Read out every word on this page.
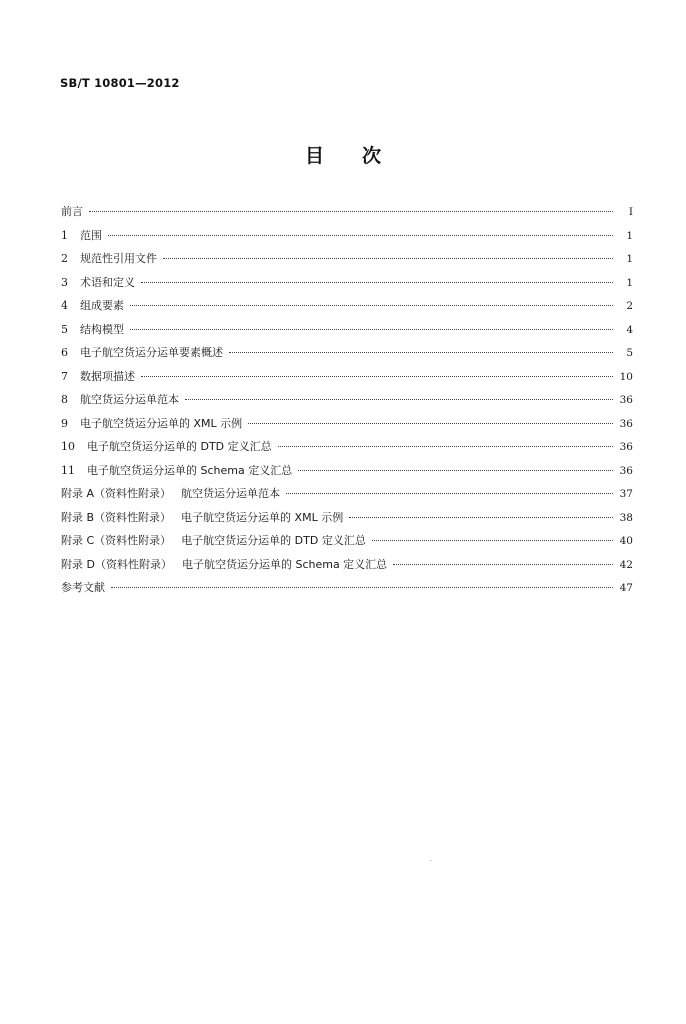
SB/T 10801—2012
目 次
前言	I
1	范围	1
2	规范性引用文件	1
3	术语和定义	1
4	组成要素	2
5	结构模型	4
6	电子航空货运分运单要素概述	5
7	数据项描述	10
8	航空货运分运单范本	36
9	电子航空货运分运单的 XML 示例	36
10	电子航空货运分运单的 DTD 定义汇总	36
11	电子航空货运分运单的 Schema 定义汇总	36
附录 A（资料性附录） 航空货运分运单范本	37
附录 B（资料性附录） 电子航空货运分运单的 XML 示例	38
附录 C（资料性附录） 电子航空货运分运单的 DTD 定义汇总	40
附录 D（资料性附录） 电子航空货运分运单的 Schema 定义汇总	42
参考文献	47
